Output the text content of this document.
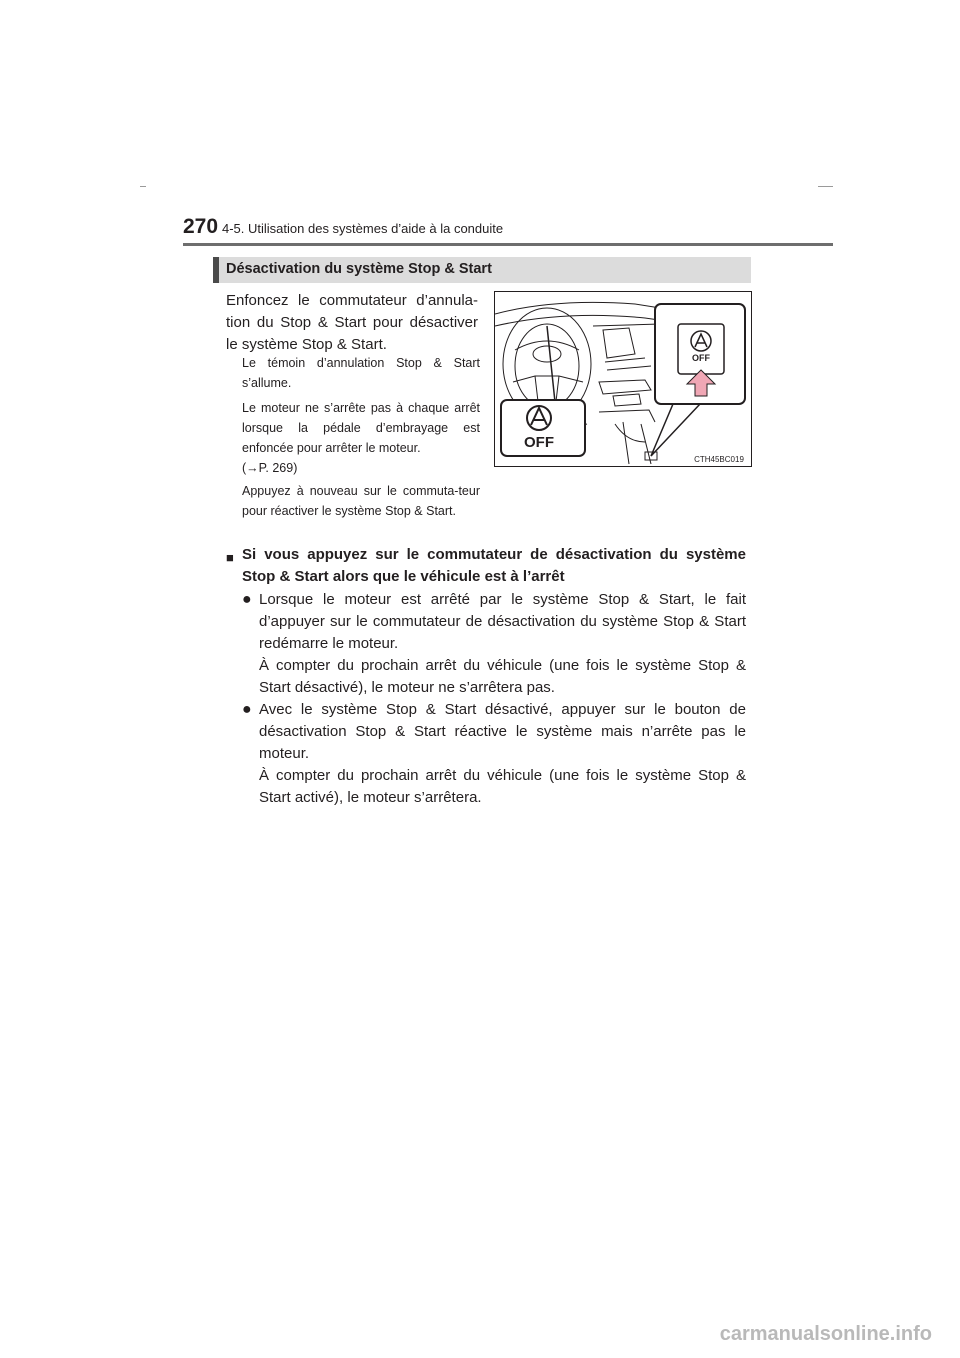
270 4-5. Utilisation des systèmes d’aide à la conduite
Désactivation du système Stop & Start
Enfoncez le commutateur d’annula-tion du Stop & Start pour désactiver le système Stop & Start.
Le témoin d’annulation Stop & Start s’allume.
Le moteur ne s’arrête pas à chaque arrêt lorsque la pédale d’embrayage est enfoncée pour arrêter le moteur.
(→P. 269)
Appuyez à nouveau sur le commuta-teur pour réactiver le système Stop & Start.
OFF
OFF
CTH45BC019
■ Si vous appuyez sur le commutateur de désactivation du système Stop & Start alors que le véhicule est à l’arrêt
● Lorsque le moteur est arrêté par le système Stop & Start, le fait d’appuyer sur le commutateur de désactivation du système Stop & Start redémarre le moteur.

À compter du prochain arrêt du véhicule (une fois le système Stop & Start désactivé), le moteur ne s’arrêtera pas.

● Avec le système Stop & Start désactivé, appuyer sur le bouton de désactivation Stop & Start réactive le système mais n’arrête pas le moteur.

À compter du prochain arrêt du véhicule (une fois le système Stop & Start activé), le moteur s’arrêtera.

carmanualsonline.info
